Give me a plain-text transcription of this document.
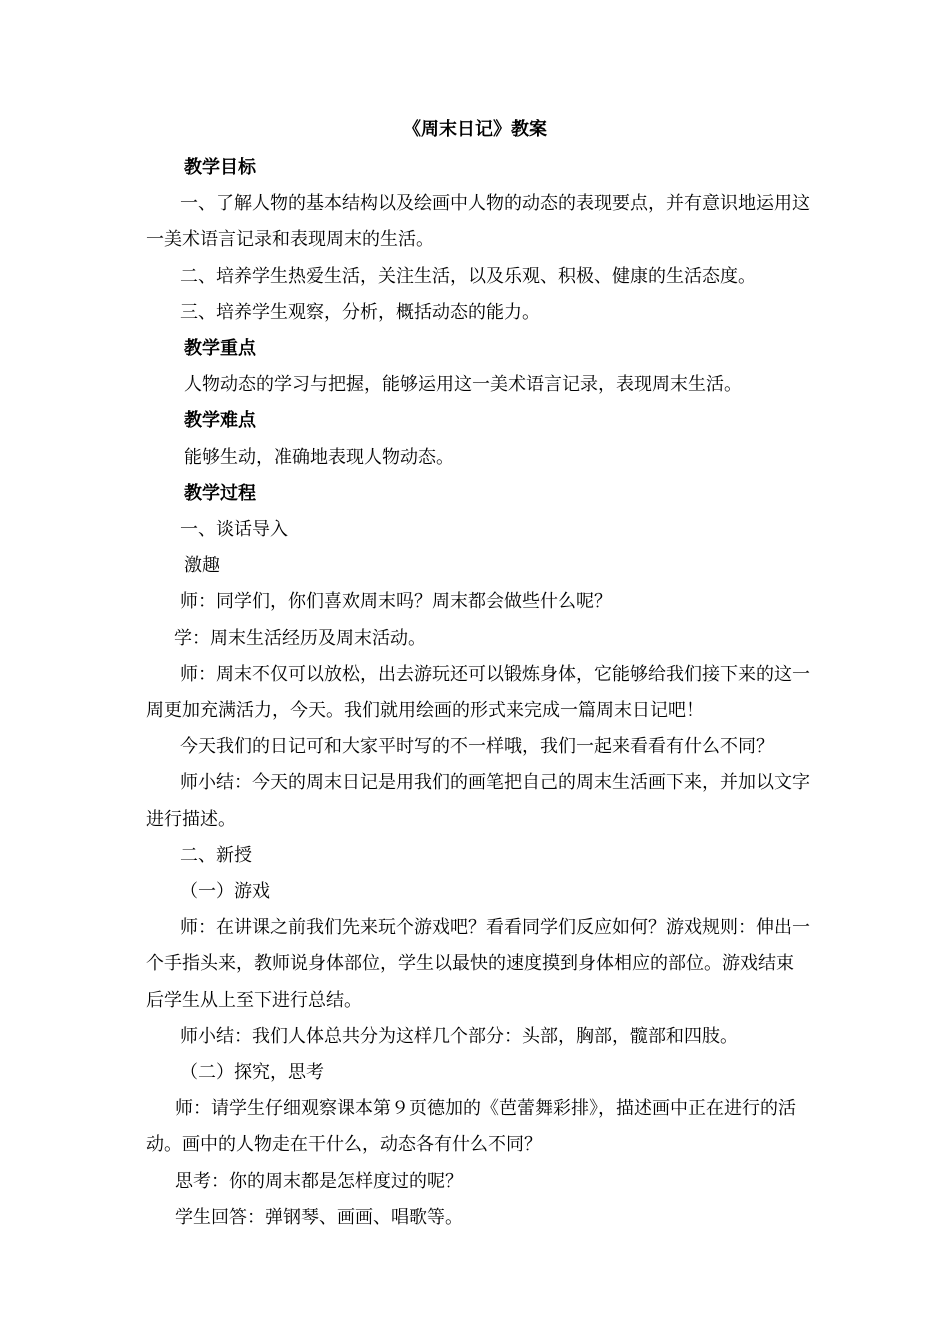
《周末日记》教案

教学目标

一、了解人物的基本结构以及绘画中人物的动态的表现要点，并有意识地运用这一美术语言记录和表现周末的生活。

二、培养学生热爱生活，关注生活，以及乐观、积极、健康的生活态度。

三、培养学生观察，分析，概括动态的能力。

教学重点

人物动态的学习与把握，能够运用这一美术语言记录，表现周末生活。

教学难点

能够生动，准确地表现人物动态。

教学过程

一、谈话导入

激趣

师：同学们，你们喜欢周末吗？周末都会做些什么呢？

学：周末生活经历及周末活动。

师：周末不仅可以放松，出去游玩还可以锻炼身体，它能够给我们接下来的这一周更加充满活力，今天。我们就用绘画的形式来完成一篇周末日记吧！

今天我们的日记可和大家平时写的不一样哦，我们一起来看看有什么不同？

师小结：今天的周末日记是用我们的画笔把自己的周末生活画下来，并加以文字进行描述。

二、新授

（一）游戏

师：在讲课之前我们先来玩个游戏吧？看看同学们反应如何？游戏规则：伸出一个手指头来，教师说身体部位，学生以最快的速度摸到身体相应的部位。游戏结束后学生从上至下进行总结。

师小结：我们人体总共分为这样几个部分：头部，胸部，髋部和四肢。

（二）探究，思考

师：请学生仔细观察课本第９页德加的《芭蕾舞彩排》，描述画中正在进行的活动。画中的人物走在干什么，动态各有什么不同？

思考：你的周末都是怎样度过的呢？

学生回答：弹钢琴、画画、唱歌等。
